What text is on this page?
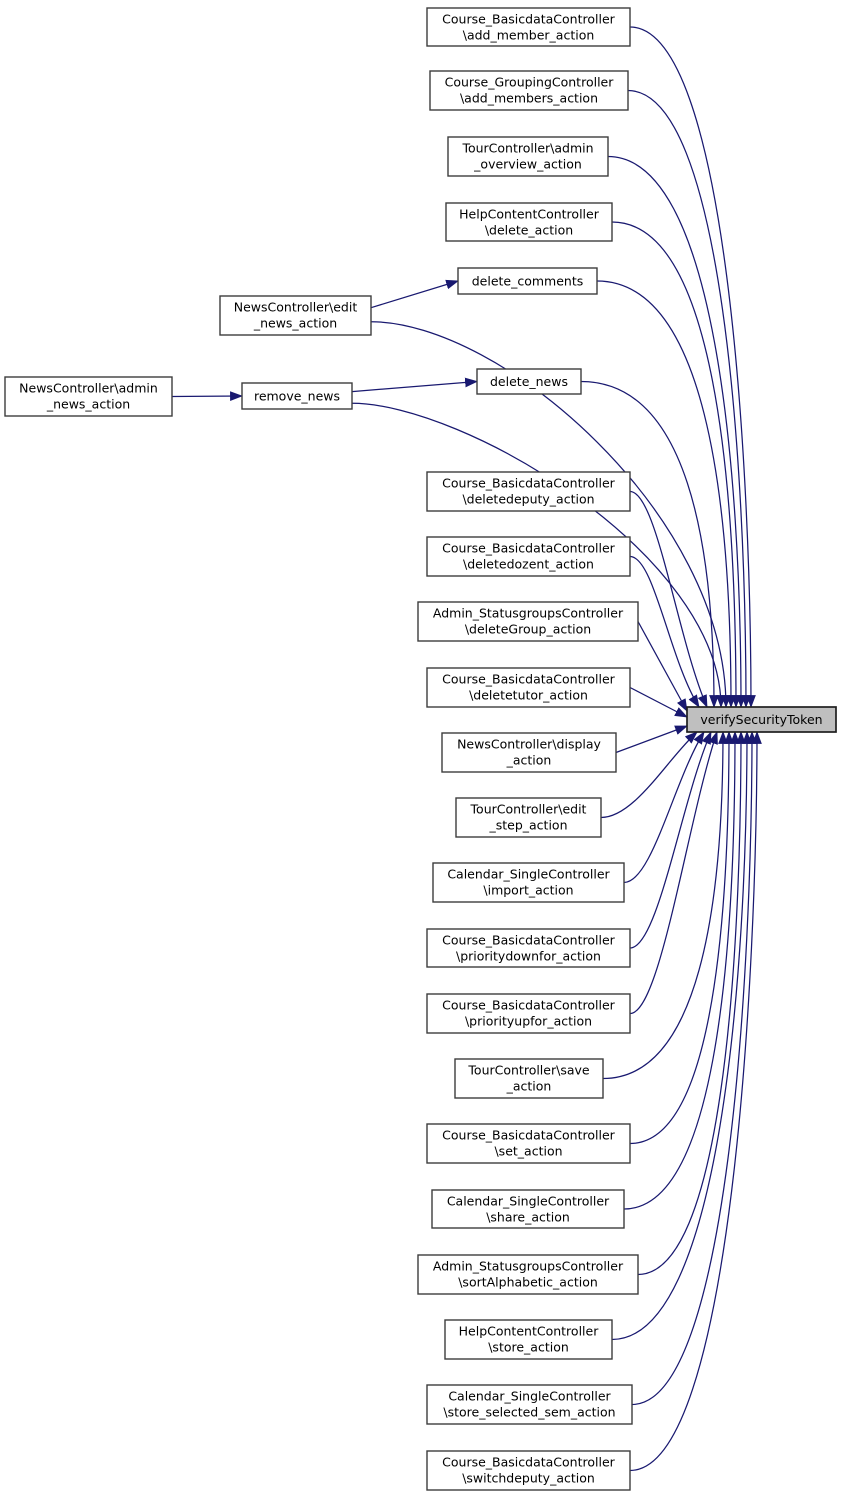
Course_BasicdataController
\add_member_action
Course_GroupingController
\add_members_action
TourController\admin
_overview_action
HelpContentController
\delete_action
delete_comments
NewsController\edit
_news_action
NewsController\admin
_news_action
remove_news
delete_news
Course_BasicdataController
\deletedeputy_action
Course_BasicdataController
\deletedozent_action
Admin_StatusgroupsController
\deleteGroup_action
Course_BasicdataController
\deletetutor_action
NewsController\display
_action
TourController\edit
_step_action
Calendar_SingleController
\import_action
Course_BasicdataController
\prioritydownfor_action
Course_BasicdataController
\priorityupfor_action
TourController\save
_action
Course_BasicdataController
\set_action
Calendar_SingleController
\share_action
Admin_StatusgroupsController
\sortAlphabetic_action
HelpContentController
\store_action
Calendar_SingleController
\store_selected_sem_action
Course_BasicdataController
\switchdeputy_action
verifySecurityToken
